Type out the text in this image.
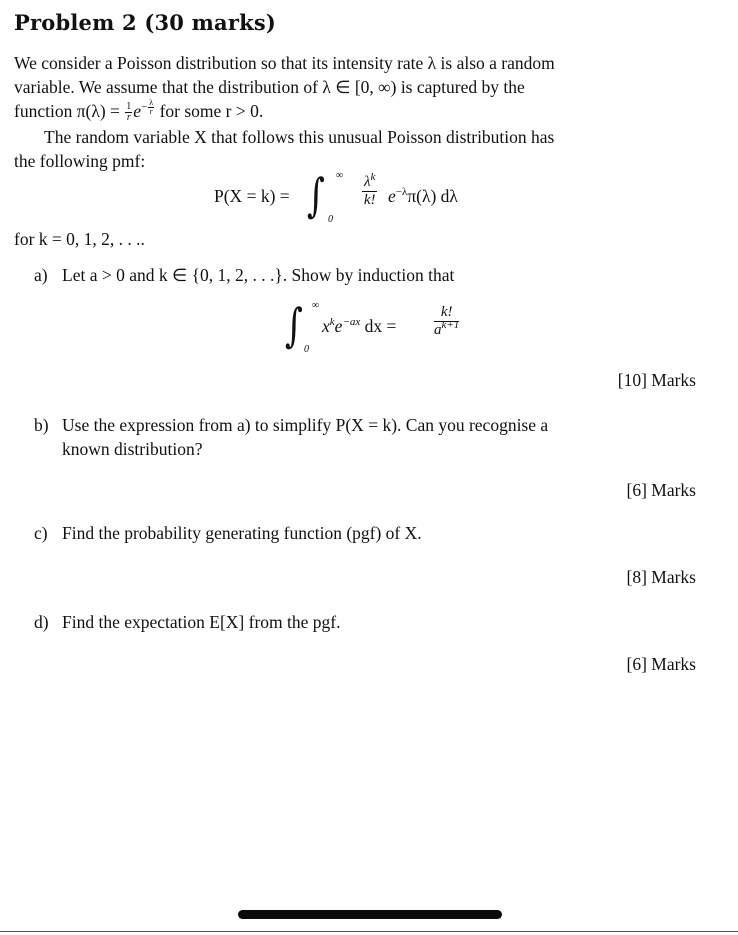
Problem 2 (30 marks)
We consider a Poisson distribution so that its intensity rate λ is also a random
variable. We assume that the distribution of λ ∈ [0, ∞) is captured by the
function $\pi(\lambda) = \frac{1}{r} e^{- \frac{\lambda}{r}}$ for some r > 0.
The random variable X that follows this unusual Poisson distribution has
the following pmf:
P(X = k) = ∫ ∞
0
$\frac{\lambda^k}{k!} e^{-\lambda}\pi(\lambda)$ dλ
for k = 0, 1, 2, . . ..
a) Let a > 0 and k ∈ {0, 1, 2, . . .}. Show by induction that
∫ ∞
0
$x^ke^{-ax}$ dx =	$\frac{k!}{a^{k+1}}$
[10] Marks
b) Use the expression from a) to simplify P(X = k). Can you recognise a
known distribution?
[6] Marks
c) Find the probability generating function (pgf) of X.
[8] Marks
d) Find the expectation E[X] from the pgf.
[6] Marks
